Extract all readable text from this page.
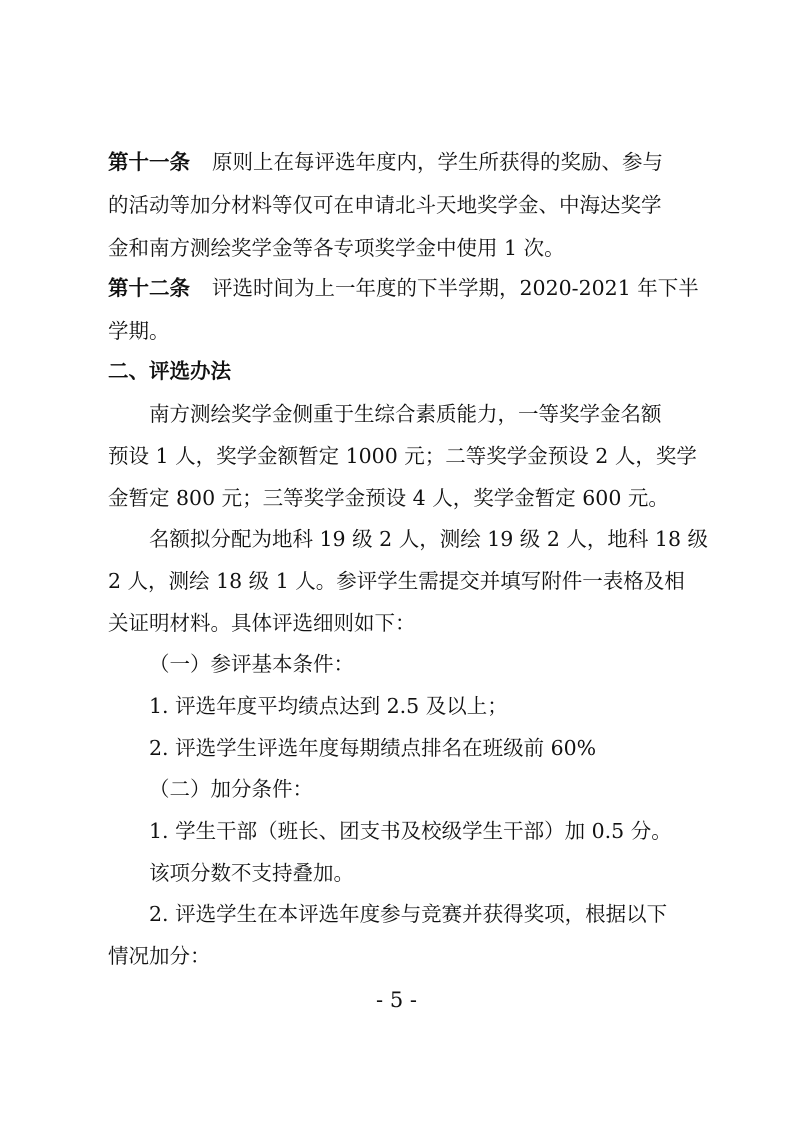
第十一条 原则上在每评选年度内，学生所获得的奖励、参与
的活动等加分材料等仅可在申请北斗天地奖学金、中海达奖学
金和南方测绘奖学金等各专项奖学金中使用 1 次。
第十二条 评选时间为上一年度的下半学期，2020-2021 年下半
学期。
二、评选办法
南方测绘奖学金侧重于生综合素质能力，一等奖学金名额
预设 1 人，奖学金额暂定 1000 元；二等奖学金预设 2 人，奖学
金暂定 800 元；三等奖学金预设 4 人，奖学金暂定 600 元。
名额拟分配为地科 19 级 2 人，测绘 19 级 2 人，地科 18 级
2 人，测绘 18 级 1 人。参评学生需提交并填写附件一表格及相
关证明材料。具体评选细则如下：
（一）参评基本条件：
1. 评选年度平均绩点达到 2.5 及以上；
2. 评选学生评选年度每期绩点排名在班级前 60%
（二）加分条件：
1. 学生干部（班长、团支书及校级学生干部）加 0.5 分。
该项分数不支持叠加。
2. 评选学生在本评选年度参与竞赛并获得奖项，根据以下
情况加分：
- 5 -
